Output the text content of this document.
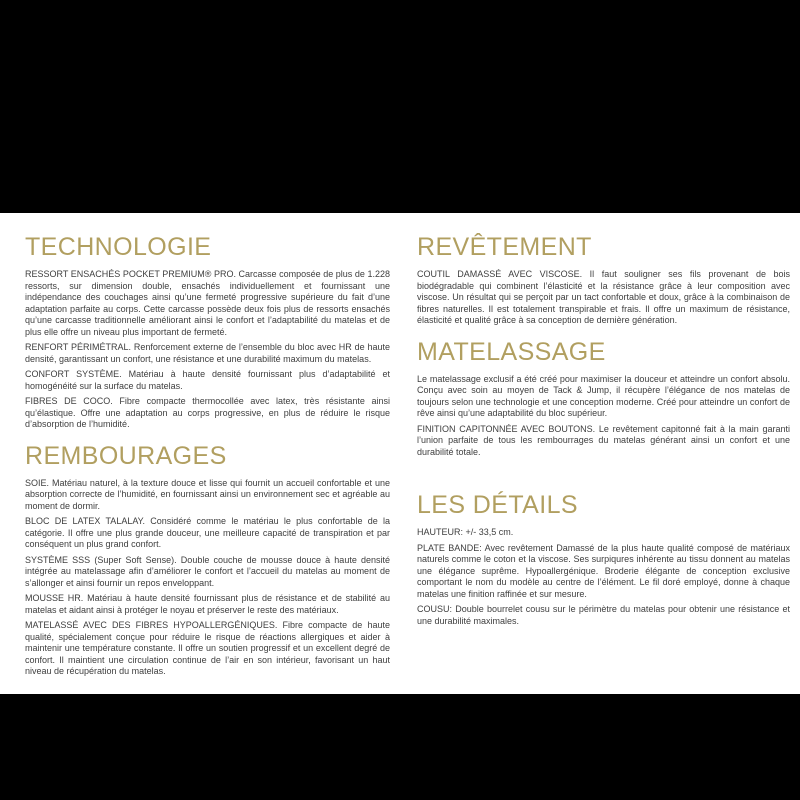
TECHNOLOGIE

RESSORT ENSACHÉS POCKET PREMIUM® PRO. Carcasse composée de plus de 1.228 ressorts, sur dimension double, ensachés individuellement et fournissant une indépendance des couchages ainsi qu’une fermeté progressive supérieure du fait d’une adaptation parfaite au corps. Cette carcasse possède deux fois plus de ressorts ensachés qu’une carcasse traditionnelle améliorant ainsi le confort et l’adaptabilité du matelas et de plus elle offre un niveau plus important de fermeté.

RENFORT PÉRIMÉTRAL. Renforcement externe de l’ensemble du bloc avec HR de haute densité, garantissant un confort, une résistance et une durabilité maximum du matelas.

CONFORT SYSTÈME. Matériau à haute densité fournissant plus d’adaptabilité et homogénéité sur la surface du matelas.

FIBRES DE COCO. Fibre compacte thermocollée avec latex, très résistante ainsi qu’élastique. Offre une adaptation au corps progressive, en plus de réduire le risque d’absorption de l’humidité.

REMBOURAGES

SOIE. Matériau naturel, à la texture douce et lisse qui fournit un accueil confortable et une absorption correcte de l’humidité, en fournissant ainsi un environnement sec et agréable au moment de dormir.

BLOC DE LATEX TALALAY. Considéré comme le matériau le plus confortable de la catégorie. Il offre une plus grande douceur, une meilleure capacité de transpiration et par conséquent un plus grand confort.

SYSTÈME SSS (Super Soft Sense). Double couche de mousse douce à haute densité intégrée au matelassage afin d’améliorer le confort et l’accueil du matelas au moment de s’allonger et ainsi fournir un repos enveloppant.

MOUSSE HR. Matériau à haute densité fournissant plus de résistance et de stabilité au matelas et aidant ainsi à protéger le noyau et préserver le reste des matériaux.

MATELASSÉ AVEC DES FIBRES HYPOALLERGÉNIQUES. Fibre compacte de haute qualité, spécialement conçue pour réduire le risque de réactions allergiques et aider à maintenir une température constante. Il offre un soutien progressif et un excellent degré de confort. Il maintient une circulation continue de l’air en son intérieur, favorisant un haut niveau de récupération du matelas.

REVÊTEMENT

COUTIL DAMASSÉ AVEC VISCOSE. Il faut souligner ses fils provenant de bois biodégradable qui combinent l’élasticité et la résistance grâce à leur composition avec viscose. Un résultat qui se perçoit par un tact confortable et doux, grâce à la combinaison de fibres naturelles. Il est totalement transpirable et frais. Il offre un maximum de résistance, élasticité et qualité grâce à sa conception de dernière génération.

MATELASSAGE

Le matelassage exclusif a été créé pour maximiser la douceur et atteindre un confort absolu. Conçu avec soin au moyen de Tack & Jump, il récupère l’élégance de nos matelas de toujours selon une technologie et une conception moderne. Créé pour atteindre un confort de rêve ainsi qu’une adaptabilité du bloc supérieur.

FINITION CAPITONNÉE AVEC BOUTONS. Le revêtement capitonné fait à la main garanti l’union parfaite de tous les rembourrages du matelas générant ainsi un confort et une durabilité totale.

LES DÉTAILS

HAUTEUR: +/- 33,5 cm.

PLATE BANDE: Avec revêtement Damassé de la plus haute qualité composé de matériaux naturels comme le coton et la viscose. Ses surpiqures inhérente au tissu donnent au matelas une élégance suprême. Hypoallergénique. Broderie élégante de conception exclusive comportant le nom du modèle au centre de l’élément. Le fil doré employé, donne à chaque matelas une finition raffinée et sur mesure.

COUSU: Double bourrelet cousu sur le périmètre du matelas pour obtenir une résistance et une durabilité maximales.
